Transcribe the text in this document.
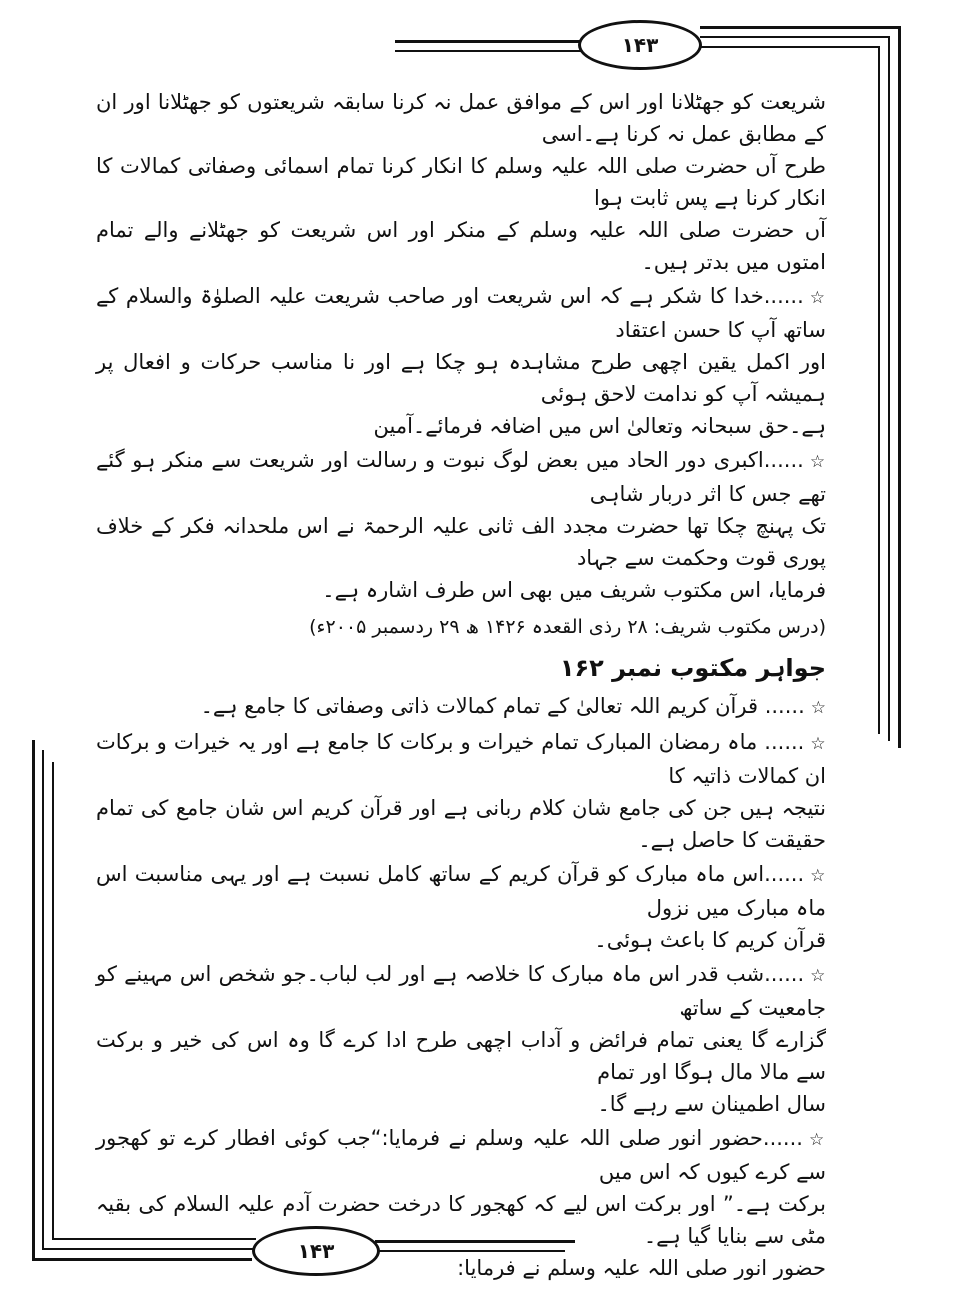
۱۴۳
۱۴۳

شریعت کو جھٹلانا اور اس کے موافق عمل نہ کرنا سابقہ شریعتوں کو جھٹلانا اور ان کے مطابق عمل نہ کرنا ہے۔اسی

طرح آں حضرت صلی اللہ علیہ وسلم کا انکار کرنا تمام اسمائی وصفاتی کمالات کا انکار کرنا ہے پس ثابت ہوا

آں حضرت صلی اللہ علیہ وسلم کے منکر اور اس شریعت کو جھٹلانے والے تمام امتوں میں بدتر ہیں۔

☆......خدا کا شکر ہے کہ اس شریعت اور صاحب شریعت علیہ الصلوٰۃ والسلام کے ساتھ آپ کا حسن اعتقاد

اور اکمل یقین اچھی طرح مشاہدہ ہو چکا ہے اور نا مناسب حرکات و افعال پر ہمیشہ آپ کو ندامت لاحق ہوئی

ہے۔حق سبحانہ وتعالیٰ اس میں اضافہ فرمائے۔آمین

☆......اکبری دور الحاد میں بعض لوگ نبوت و رسالت اور شریعت سے منکر ہو گئے تھے جس کا اثر دربار شاہی

تک پہنچ چکا تھا حضرت مجدد الف ثانی علیہ الرحمۃ نے اس ملحدانہ فکر کے خلاف پوری قوت وحکمت سے جہاد

فرمایا، اس مکتوب شریف میں بھی اس طرف اشارہ ہے۔

(درس مکتوب شریف: ۲۸ رذی القعدہ ۱۴۲۶ ھ ۲۹ ردسمبر ۲۰۰۵ء)

جواہر مکتوب نمبر ۱۶۲

☆...... قرآن کریم اللہ تعالیٰ کے تمام کمالات ذاتی وصفاتی کا جامع ہے۔

☆...... ماہ رمضان المبارک تمام خیرات و برکات کا جامع ہے اور یہ خیرات و برکات ان کمالات ذاتیہ کا

نتیجہ ہیں جن کی جامع شان کلام ربانی ہے اور قرآن کریم اس شان جامع کی تمام حقیقت کا حاصل ہے۔

☆......اس ماہ مبارک کو قرآن کریم کے ساتھ کامل نسبت ہے اور یہی مناسبت اس ماہ مبارک میں نزول

قرآن کریم کا باعث ہوئی۔

☆......شب قدر اس ماہ مبارک کا خلاصہ ہے اور لب لباب۔جو شخص اس مہینے کو جامعیت کے ساتھ

گزارے گا یعنی تمام فرائض و آداب اچھی طرح ادا کرے گا وہ اس کی خیر و برکت سے مالا مال ہوگا اور تمام

سال اطمینان سے رہے گا۔

☆......حضور انور صلی اللہ علیہ وسلم نے فرمایا:“جب کوئی افطار کرے تو کھجور سے کرے کیوں کہ اس میں

برکت ہے۔” اور برکت اس لیے کہ کھجور کا درخت حضرت آدم علیہ السلام کی بقیہ مٹی سے بنایا گیا ہے۔

حضور انور صلی اللہ علیہ وسلم نے فرمایا:
